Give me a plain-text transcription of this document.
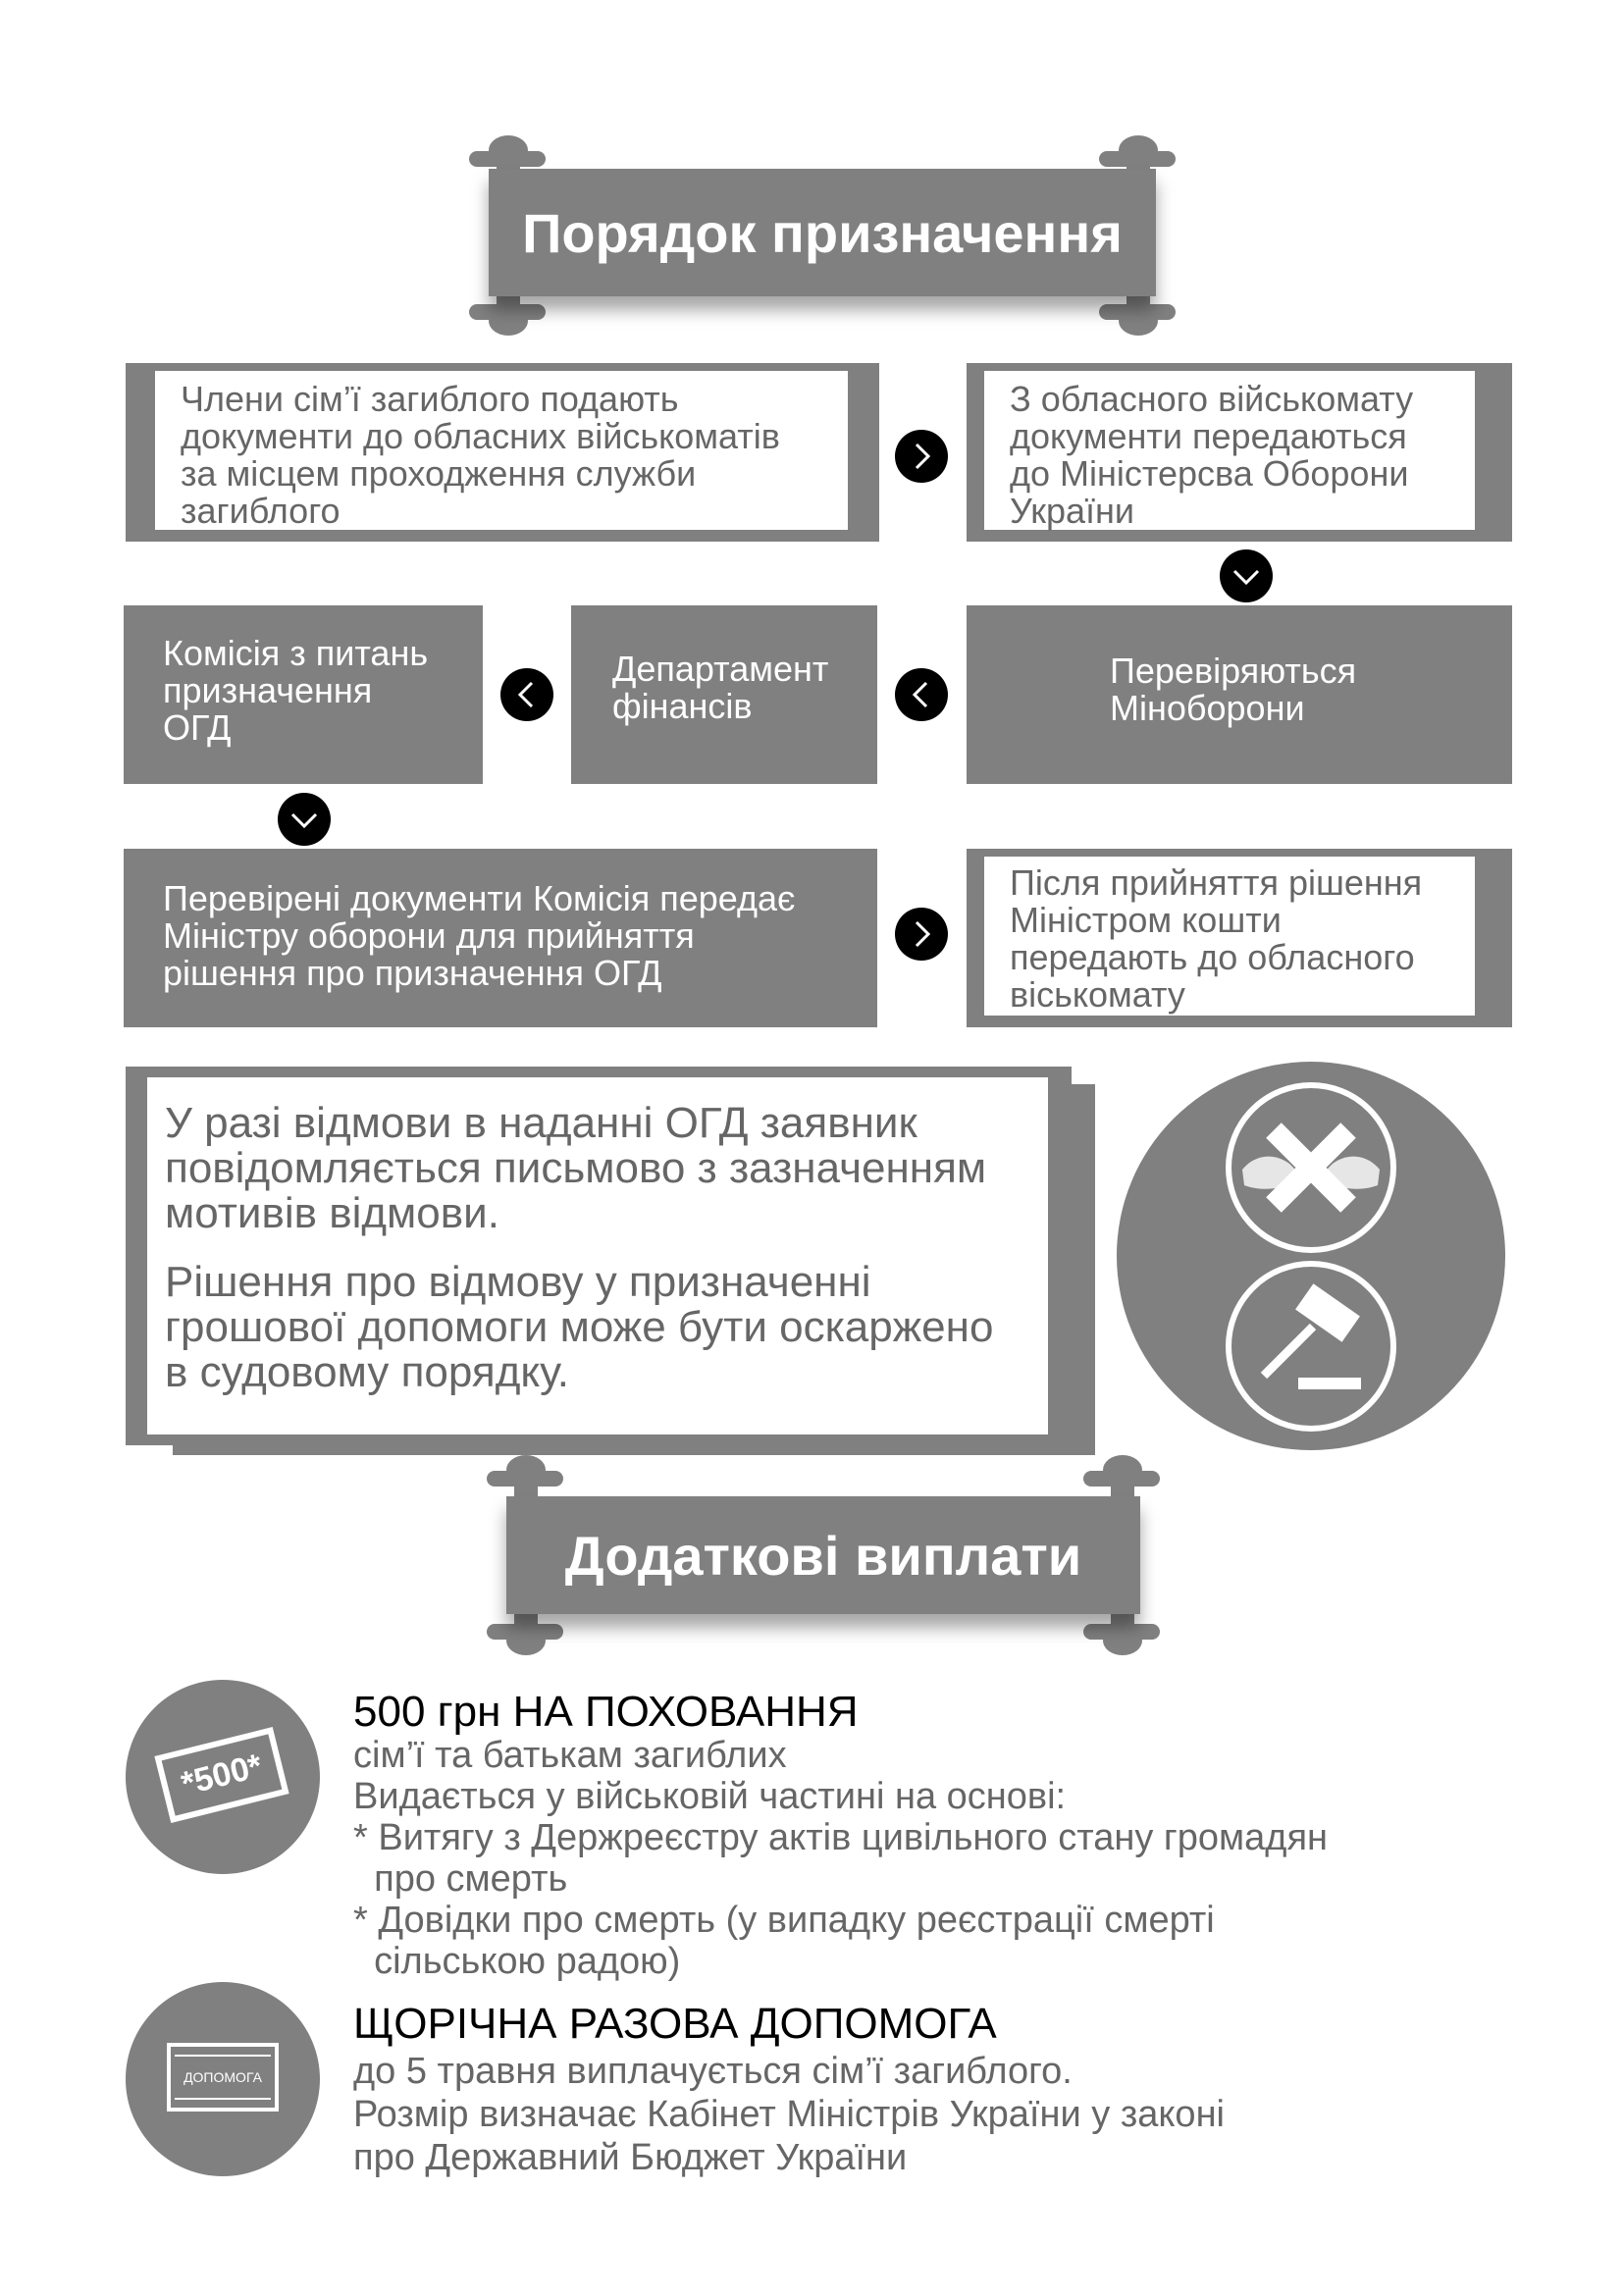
Порядок призначення
Члени сім’ї загиблого подають
документи до обласних військоматів
за місцем проходження служби
загиблого
З обласного військомату
документи передаються
до Міністерсва Оборони
України
Комісія з питань
призначення
ОГД
Департамент
фінансів
Перевіряються
Міноборони
Перевірені документи Комісія передає
Міністру оборони для прийняття
рішення про призначення ОГД
Після прийняття рішення
Міністром кошти
передають до обласного
віськомату

У разі відмови в наданні ОГД заявник
повідомляється письмово з зазначенням
мотивів відмови.

Рішення про відмову у призначенні
грошової допомоги може бути оскаржено
в судовому порядку.

Додаткові виплати
*500*
500 грн НА ПОХОВАННЯ
сім’ї та батькам загиблих
Видається у військовій частині на основі:
* Витягу з Держреєстру актів цивільного стану громадян
про смерть
* Довідки про смерть (у випадку реєстрації смерті
сільською радою)
ДОПОМОГА
ЩОРІЧНА РАЗОВА ДОПОМОГА
до 5 травня виплачується сім’ї загиблого.
Розмір визначає Кабінет Міністрів України у законі
про Державний Бюджет України
